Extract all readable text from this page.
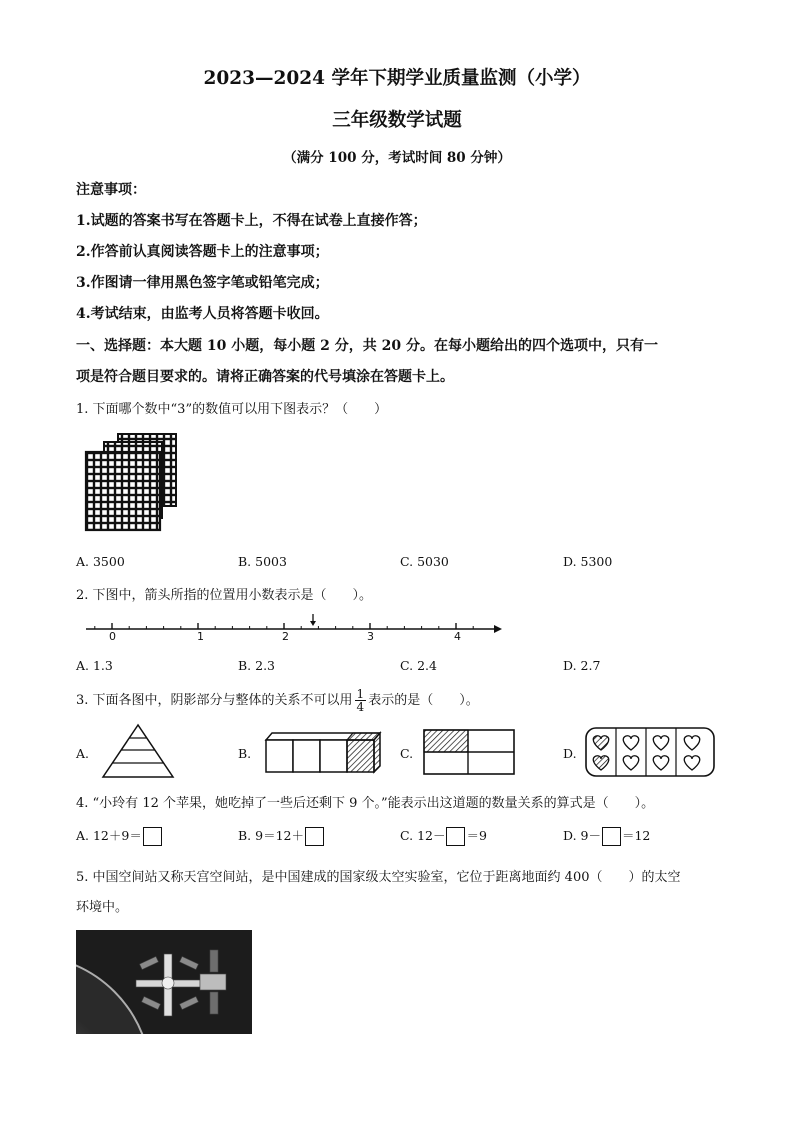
2023—2024 学年下期学业质量监测（小学）
三年级数学试题
（满分 100 分，考试时间 80 分钟）
注意事项：
1.试题的答案书写在答题卡上，不得在试卷上直接作答；
2.作答前认真阅读答题卡上的注意事项；
3.作图请一律用黑色签字笔或铅笔完成；
4.考试结束，由监考人员将答题卡收回。
一、选择题：本大题 10 小题，每小题 2 分，共 20 分。在每小题给出的四个选项中，只有一
项是符合题目要求的。请将正确答案的代号填涂在答题卡上。
1. 下面哪个数中“3”的数值可以用下图表示？（　　）
A. 3500	B. 5003	C. 5030	D. 5300
2. 下图中，箭头所指的位置用小数表示是（　　）。
0	1	2	3	4
A. 1.3	B. 2.3	C. 2.4	D. 2.7
3. 下面各图中，阴影部分与整体的关系不可以用 $\frac{1}{4}$ 表示的是（　　）。
A.	B.	C.	D.
4. “小玲有 12 个苹果，她吃掉了一些后还剩下 9 个。”能表示出这道题的数量关系的算式是（　　）。
A. 12＋9＝	B. 9＝12＋	C. 12－ ＝9	D. 9－ ＝12
5. 中国空间站又称天宫空间站，是中国建成的国家级太空实验室，它位于距离地面约 400（　　）的太空
环境中。
